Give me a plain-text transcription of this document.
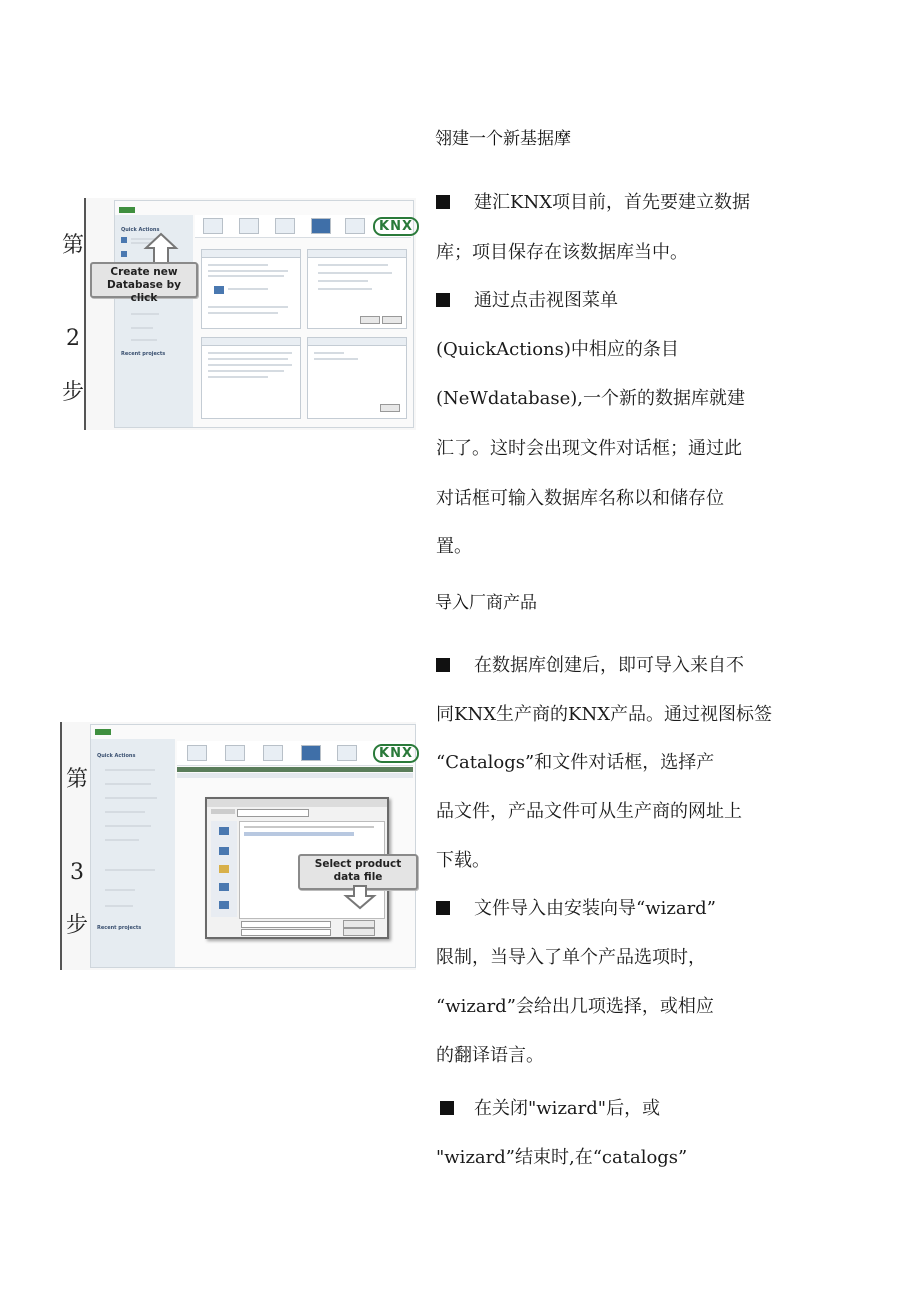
翎建一个新基据摩
建汇KNX项目前，首先要建立数据
库；项目保存在该数据库当中。
通过点击视图菜单
(QuickActions)中相应的条目
(NeWdatabase),一个新的数据库就建
汇了。这时会出现文件对话框；通过此
对话框可输入数据库名称以和储存位
置。
导入厂商产品
在数据库创建后，即可导入来自不
同KNX生产商的KNX产品。通过视图标签
“Catalogs”和文件对话框，选择产
品文件，产品文件可从生产商的网址上
下载。
文件导入由安装向导“wizard”
限制，当导入了单个产品选项时，
“wizard”会给出几项选择，或相应
的翻译语言。
在关闭"wizard"后，或
"wizard”结束时,在“catalogs”
第
2
步
Quick Actions
Recent projects
KNX
Create new Database by click
第
3
步
Quick Actions
Recent projects
KNX
Select product data file
